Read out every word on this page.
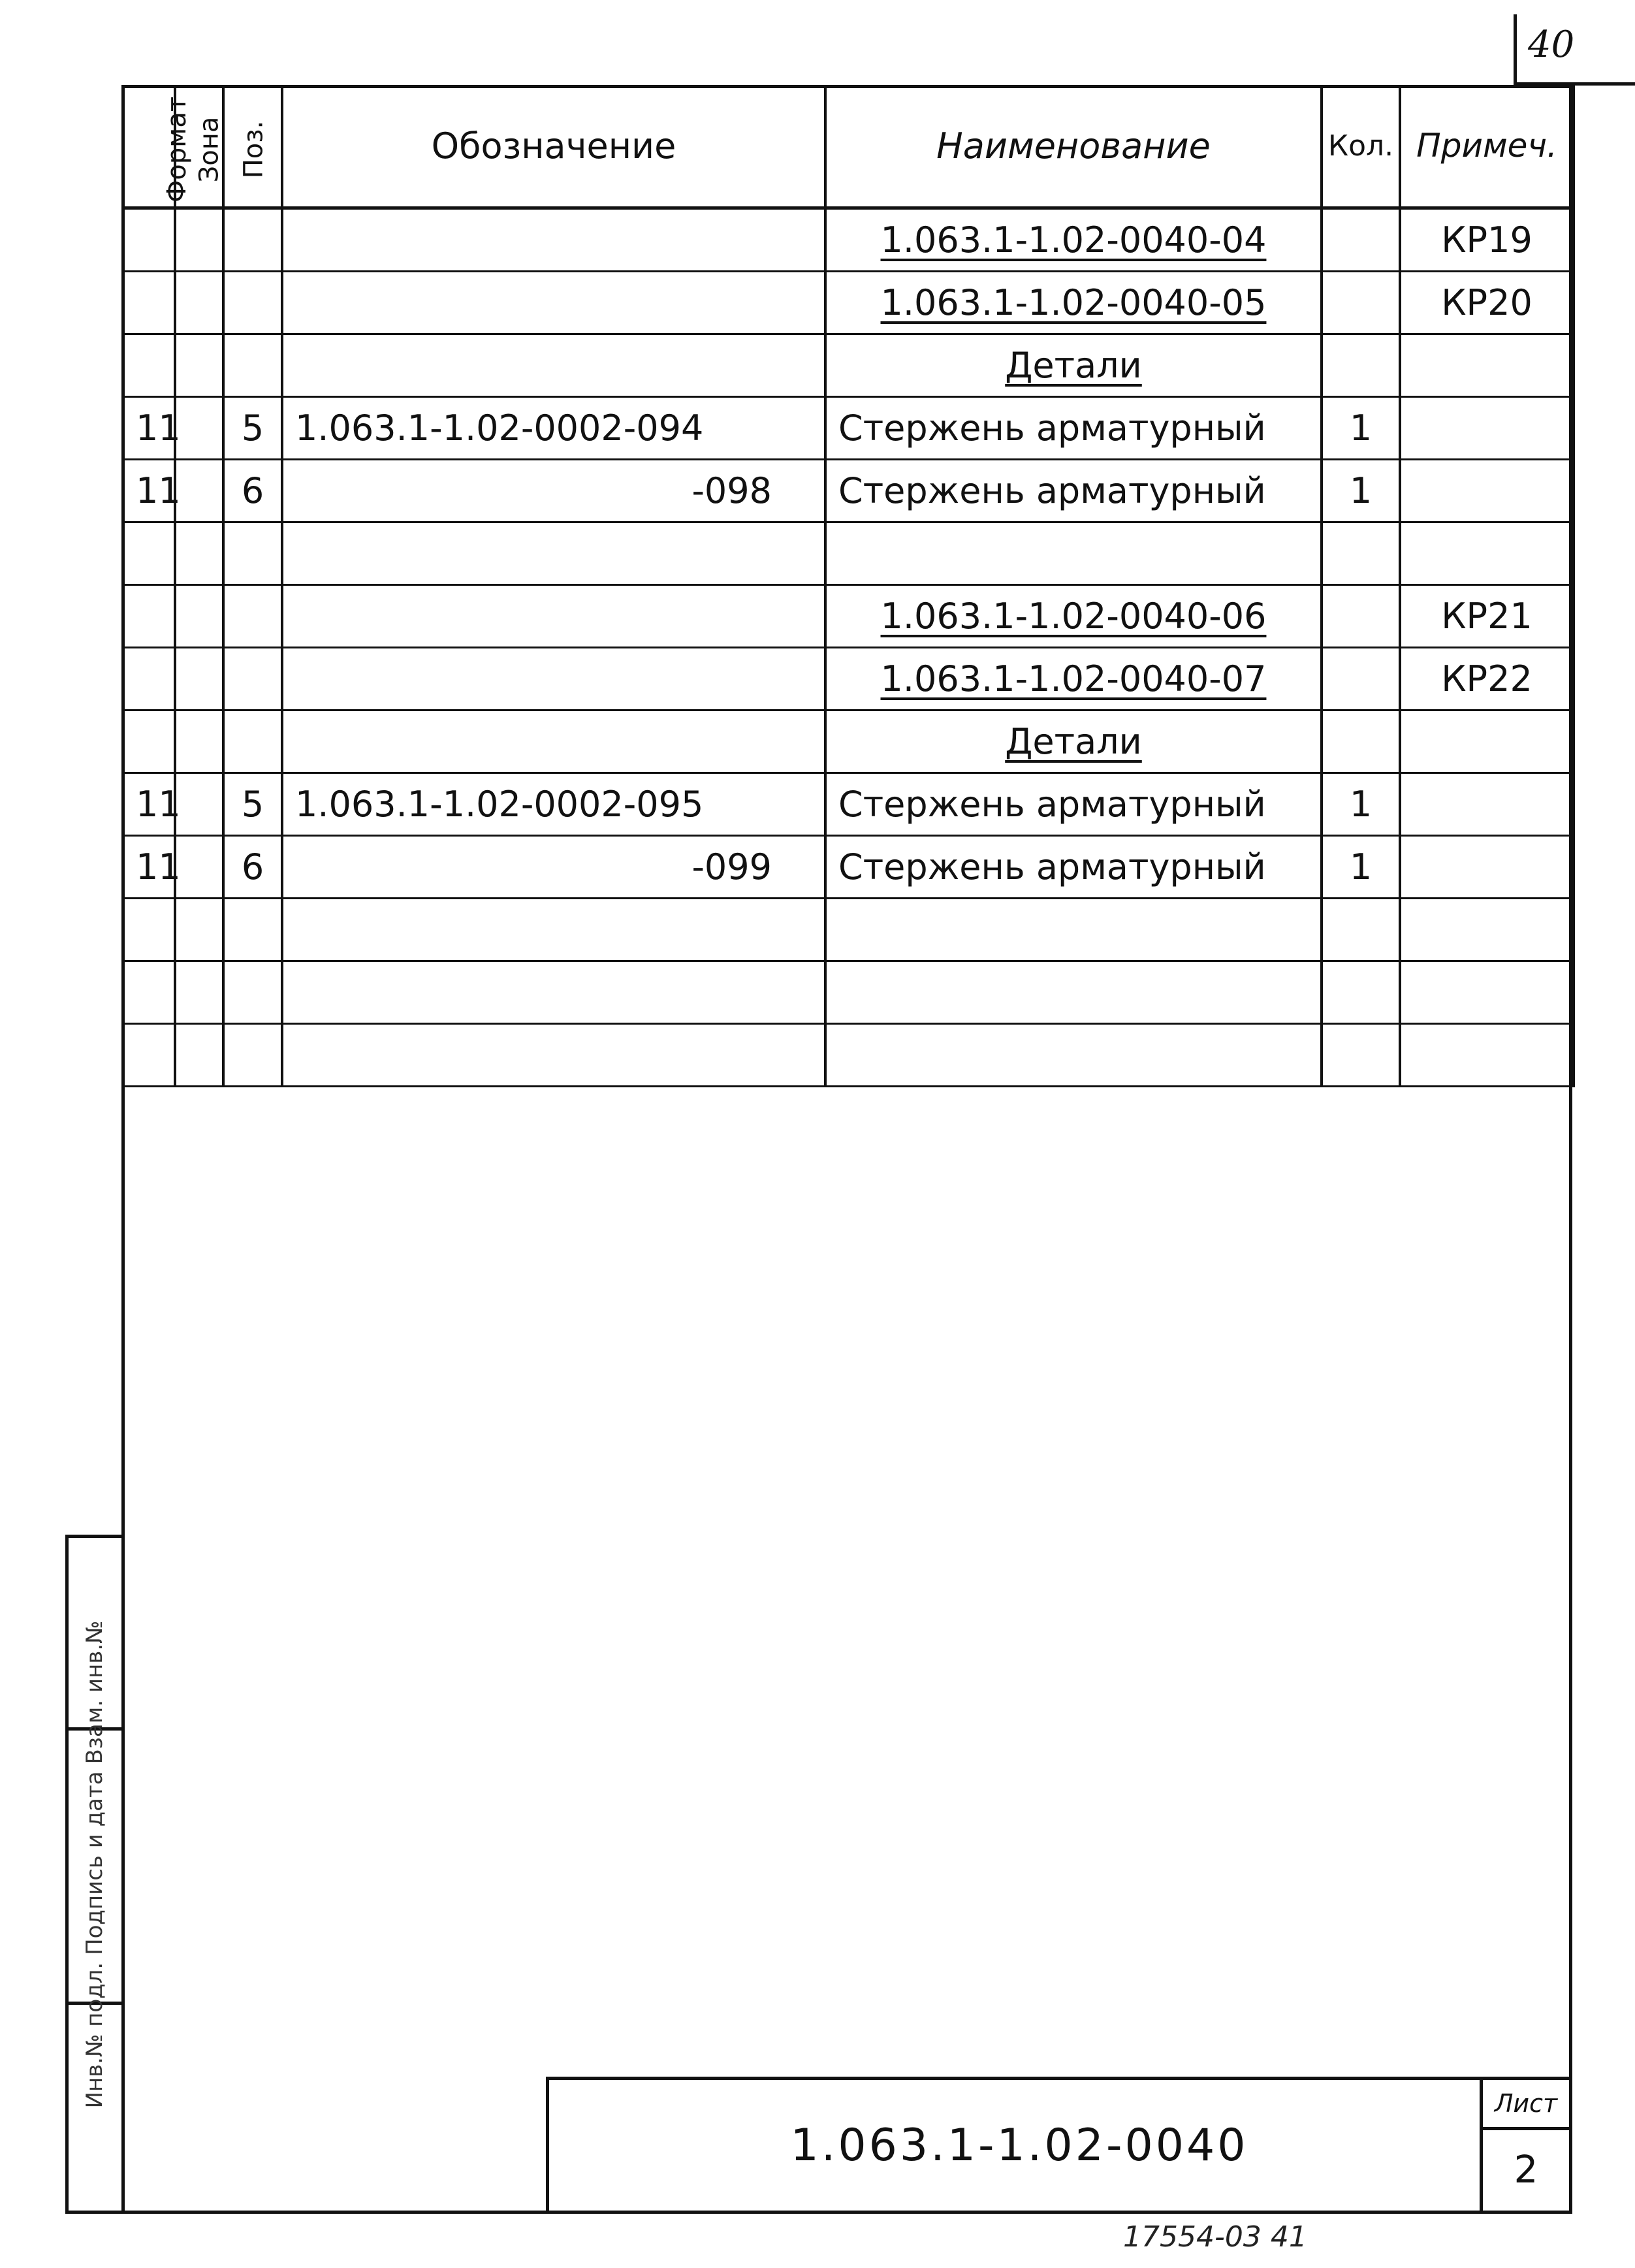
40
Формат	Зона	Поз.	Обозначение	Наименование	Кол.	Примеч.
				1.063.1-1.02-0040-04		КР19
				1.063.1-1.02-0040-05		КР20
				Детали		
11		5	1.063.1-1.02-0002-094	Стержень арматурный	1	
11		6	-098	Стержень арматурный	1	

				1.063.1-1.02-0040-06		КР21
				1.063.1-1.02-0040-07		КР22
				Детали		
11		5	1.063.1-1.02-0002-095	Стержень арматурный	1	
11		6	-099	Стержень арматурный	1	

Инв.№ подл. Подпись и дата Взам. инв.№
1.063.1-1.02-0040
Лист
2
17554-03 41
